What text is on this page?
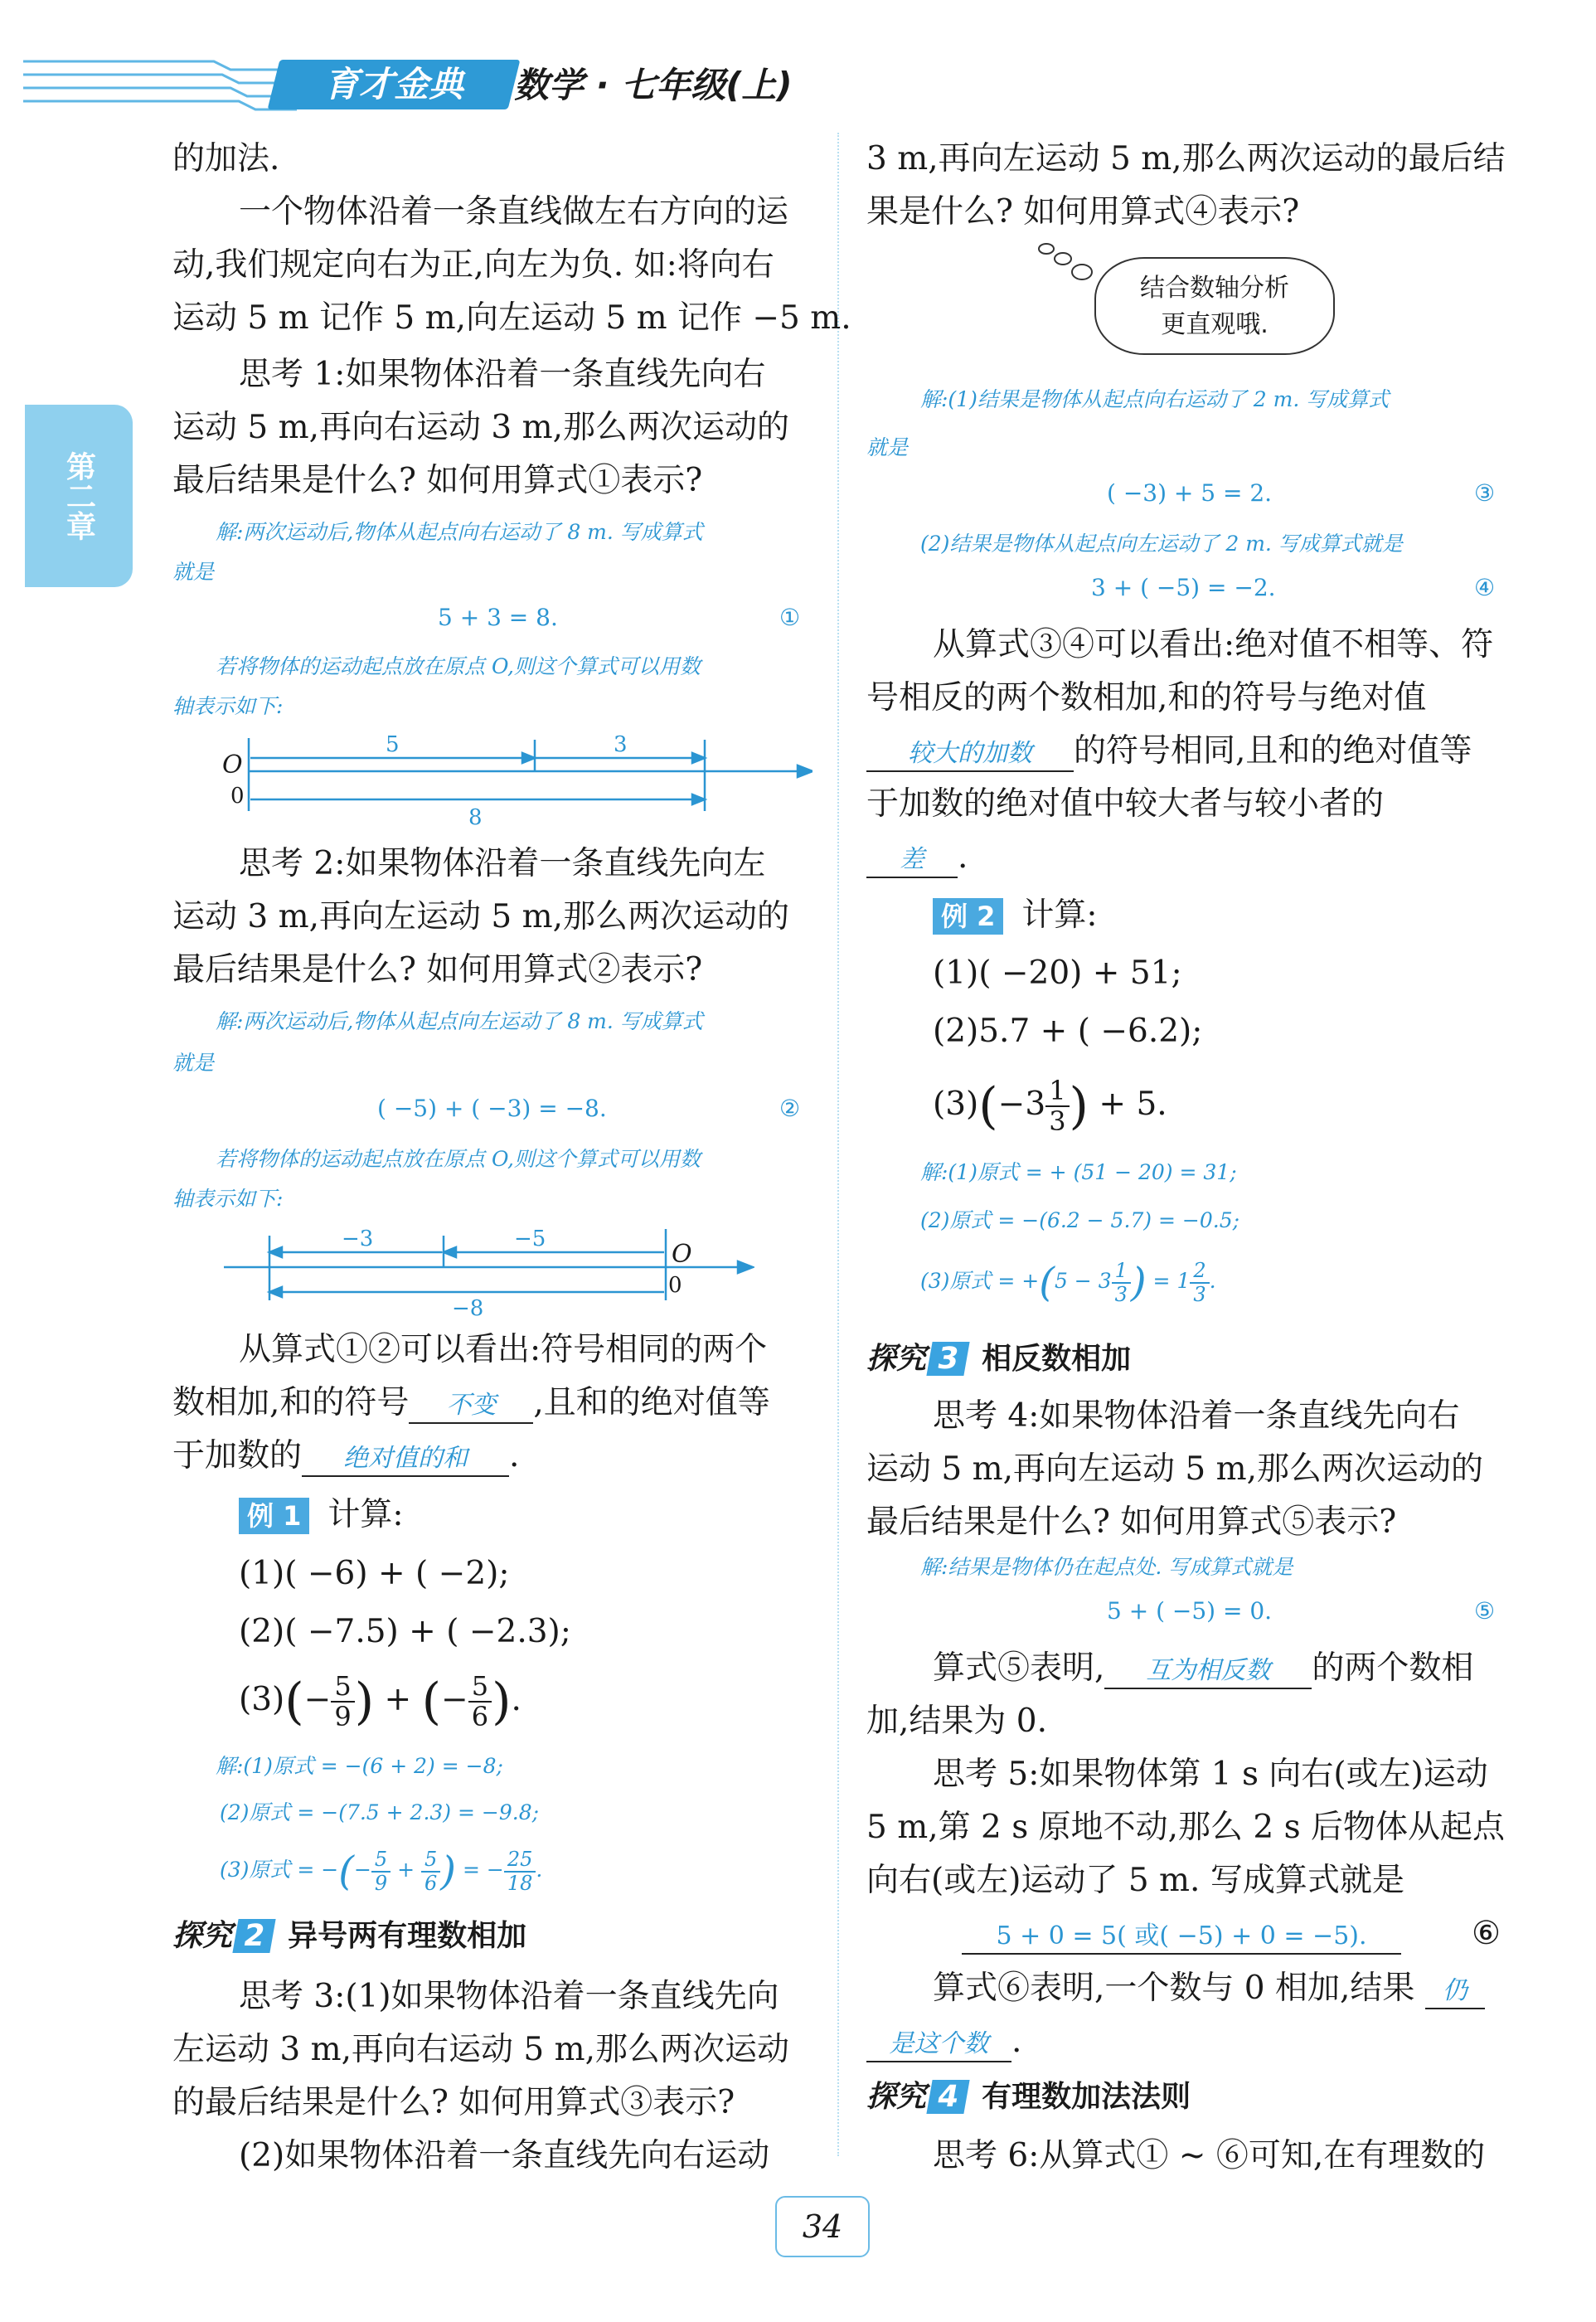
育才金典	数学 · 七年级(上)
第二章
的加法.
一个物体沿着一条直线做左右方向的运
动,我们规定向右为正,向左为负. 如:将向右
运动 5 m 记作 5 m,向左运动 5 m 记作 −5 m.
思考 1:如果物体沿着一条直线先向右
运动 5 m,再向右运动 3 m,那么两次运动的
最后结果是什么? 如何用算式①表示?
解:两次运动后,物体从起点向右运动了 8 m. 写成算式
就是
5 + 3 = 8.	①
若将物体的运动起点放在原点 O,则这个算式可以用数
轴表示如下:
O
0
5	3
8
思考 2:如果物体沿着一条直线先向左
运动 3 m,再向左运动 5 m,那么两次运动的
最后结果是什么? 如何用算式②表示?
解:两次运动后,物体从起点向左运动了 8 m. 写成算式
就是
( −5) + ( −3) = −8.	②
若将物体的运动起点放在原点 O,则这个算式可以用数
轴表示如下:
−3	−5
O
0
−8
从算式①②可以看出:符号相同的两个
数相加,和的符号 不变 ,且和的绝对值等
于加数的 绝对值的和 .
例 1 计算:
(1)( −6) + ( −2);
(2)( −7.5) + ( −2.3);
$(3)(- \frac{5}{9}$ ) + (− $\frac{5}{6}$ ).
解:(1)原式 = −(6 + 2) = −8;
(2)原式 = −(7.5 + 2.3) = −9.8;
(3)原式 = −(− $\frac{5}{9} + \frac{5}{6}$ ) = − $\frac{25}{18}$ .
探究 2 异号两有理数相加
思考 3:(1)如果物体沿着一条直线先向
左运动 3 m,再向右运动 5 m,那么两次运动
的最后结果是什么? 如何用算式③表示?
(2)如果物体沿着一条直线先向右运动
3 m,再向左运动 5 m,那么两次运动的最后结
果是什么? 如何用算式④表示?
结合数轴分析
更直观哦.
解:(1)结果是物体从起点向右运动了 2 m. 写成算式
就是
( −3) + 5 = 2.	③
(2)结果是物体从起点向左运动了 2 m. 写成算式就是
3 + ( −5) = −2.	④
从算式③④可以看出:绝对值不相等、符
号相反的两个数相加,和的符号与绝对值
较大的加数 的符号相同,且和的绝对值等
于加数的绝对值中较大者与较小者的
差 .
例 2 计算:
(1)( −20) + 51;
(2)5.7 + ( −6.2);
$(3)(-3 \frac{1}{3}$ ) + 5.
解:(1)原式 = + (51 − 20) = 31;
(2)原式 = −(6.2 − 5.7) = −0.5;
(3)原式 = $+(5 - 3 \frac{1}{3}$ ) = $1 \frac{2}{3}$ .
探究 3 相反数相加
思考 4:如果物体沿着一条直线先向右
运动 5 m,再向左运动 5 m,那么两次运动的
最后结果是什么? 如何用算式⑤表示?
解:结果是物体仍在起点处. 写成算式就是
5 + ( −5) = 0.	⑤
算式⑤表明, 互为相反数 的两个数相
加,结果为 0.
思考 5:如果物体第 1 s 向右(或左)运动
5 m,第 2 s 原地不动,那么 2 s 后物体从起点
向右(或左)运动了 5 m. 写成算式就是
5 + 0 = 5( 或( −5) + 0 = −5).	⑥
算式⑥表明,一个数与 0 相加,结果 仍
是这个数 .
探究 4 有理数加法法则
思考 6:从算式① ~ ⑥可知,在有理数的
34
